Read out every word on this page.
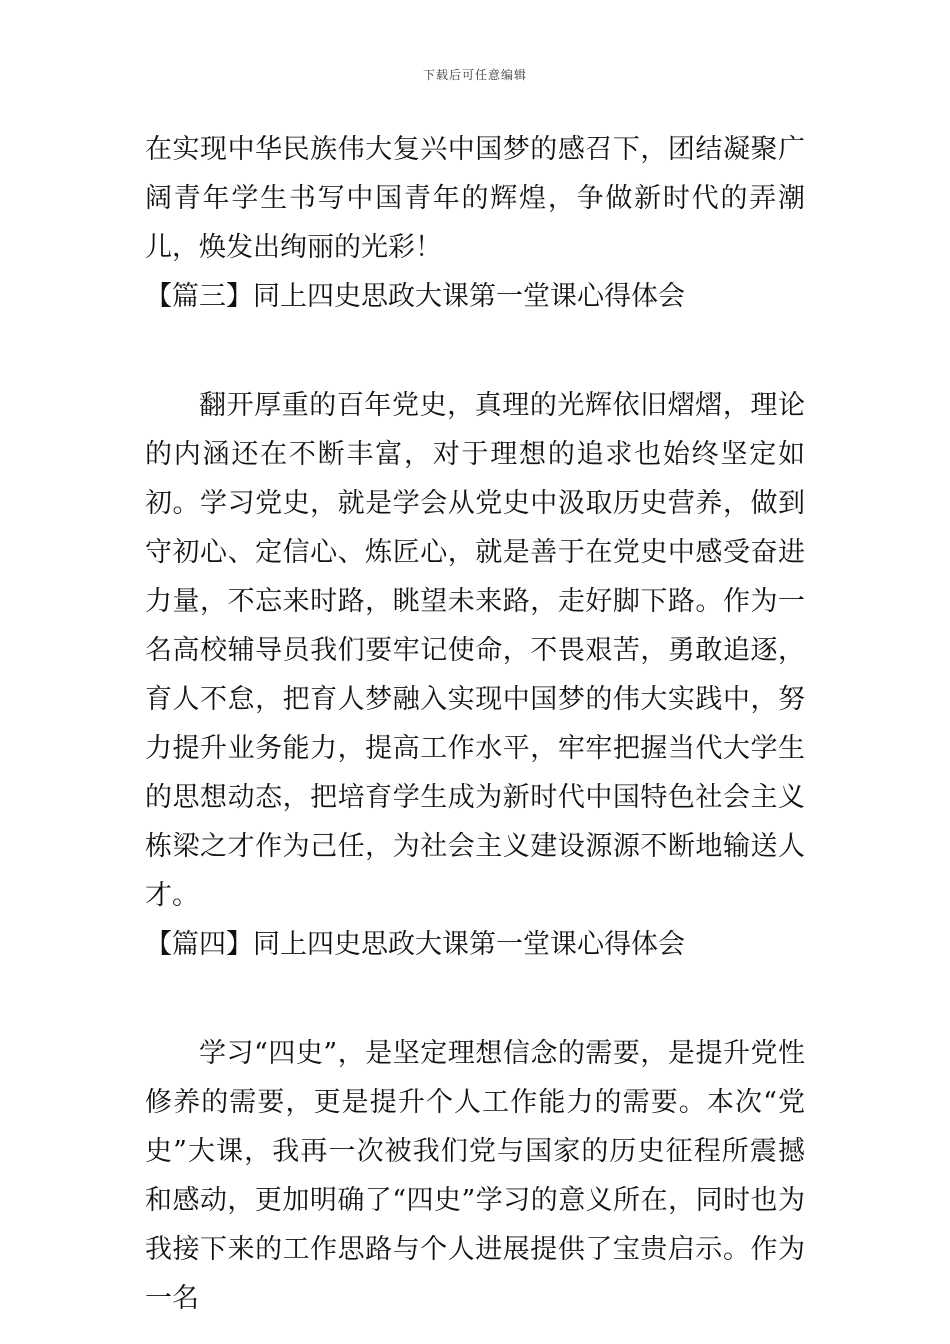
下载后可任意编辑

在实现中华民族伟大复兴中国梦的感召下，团结凝聚广阔青年学生书写中国青年的辉煌，争做新时代的弄潮儿，焕发出绚丽的光彩！

【篇三】同上四史思政大课第一堂课心得体会

翻开厚重的百年党史，真理的光辉依旧熠熠，理论的内涵还在不断丰富，对于理想的追求也始终坚定如初。学习党史，就是学会从党史中汲取历史营养，做到守初心、定信心、炼匠心，就是善于在党史中感受奋进力量，不忘来时路，眺望未来路，走好脚下路。作为一名高校辅导员我们要牢记使命，不畏艰苦，勇敢追逐，育人不怠，把育人梦融入实现中国梦的伟大实践中，努力提升业务能力，提高工作水平，牢牢把握当代大学生的思想动态，把培育学生成为新时代中国特色社会主义栋梁之才作为己任，为社会主义建设源源不断地输送人才。

【篇四】同上四史思政大课第一堂课心得体会

学习“四史”，是坚定理想信念的需要，是提升党性修养的需要，更是提升个人工作能力的需要。本次“党史”大课，我再一次被我们党与国家的历史征程所震撼和感动，更加明确了“四史”学习的意义所在，同时也为我接下来的工作思路与个人进展提供了宝贵启示。作为一名
